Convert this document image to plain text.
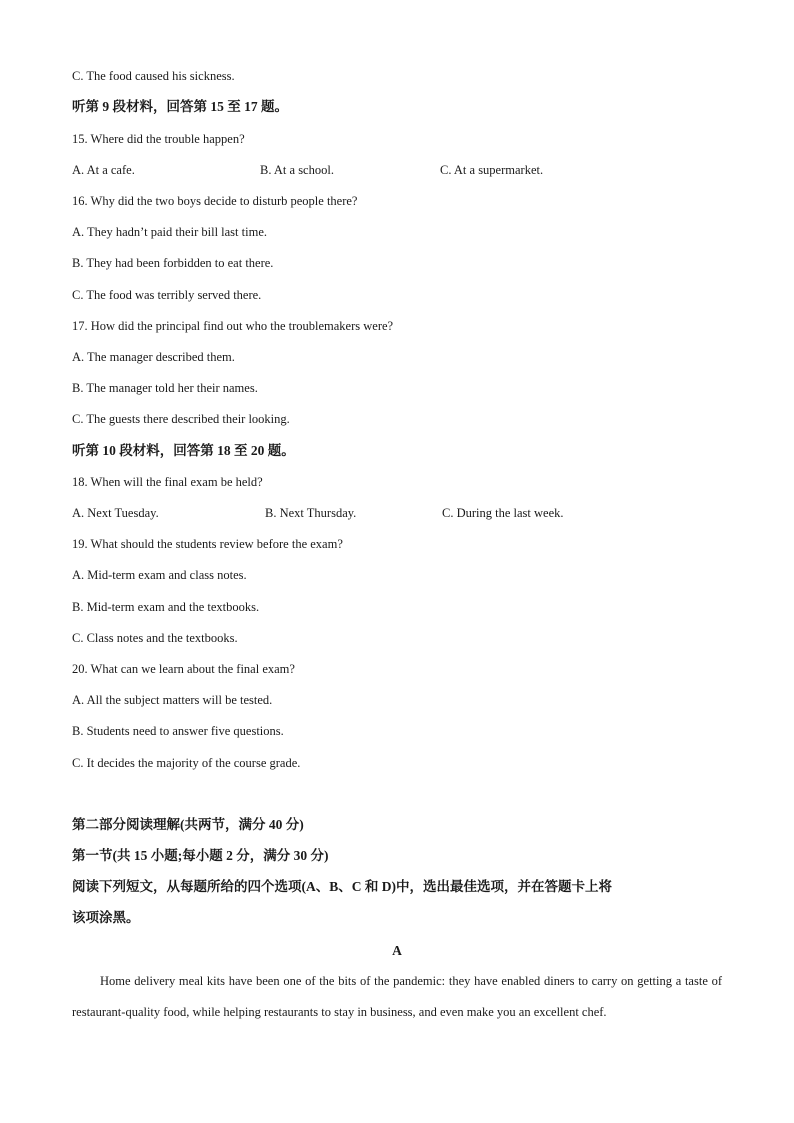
C. The food caused his sickness.
听第 9 段材料，回答第 15 至 17 题。
15. Where did the trouble happen?
A. At a cafe.	B. At a school.	C. At a supermarket.
16. Why did the two boys decide to disturb people there?
A. They hadn’t paid their bill last time.
B. They had been forbidden to eat there.
C. The food was terribly served there.
17. How did the principal find out who the troublemakers were?
A. The manager described them.
B. The manager told her their names.
C. The guests there described their looking.
听第 10 段材料，回答第 18 至 20 题。
18. When will the final exam be held?
A. Next Tuesday.	B. Next Thursday.	C. During the last week.
19. What should the students review before the exam?
A. Mid-term exam and class notes.
B. Mid-term exam and the textbooks.
C. Class notes and the textbooks.
20. What can we learn about the final exam?
A. All the subject matters will be tested.
B. Students need to answer five questions.
C. It decides the majority of the course grade.
第二部分阅读理解(共两节，满分 40 分)
第一节(共 15 小题;每小题 2 分，满分 30 分)
阅读下列短文，从每题所给的四个选项(A、B、C 和 D)中，选出最佳选项，并在答题卡上将
该项涂黑。
A
Home delivery meal kits have been one of the bits of the pandemic: they have enabled diners to carry on getting a taste of restaurant-quality food, while helping restaurants to stay in business, and even make you an excellent chef.
